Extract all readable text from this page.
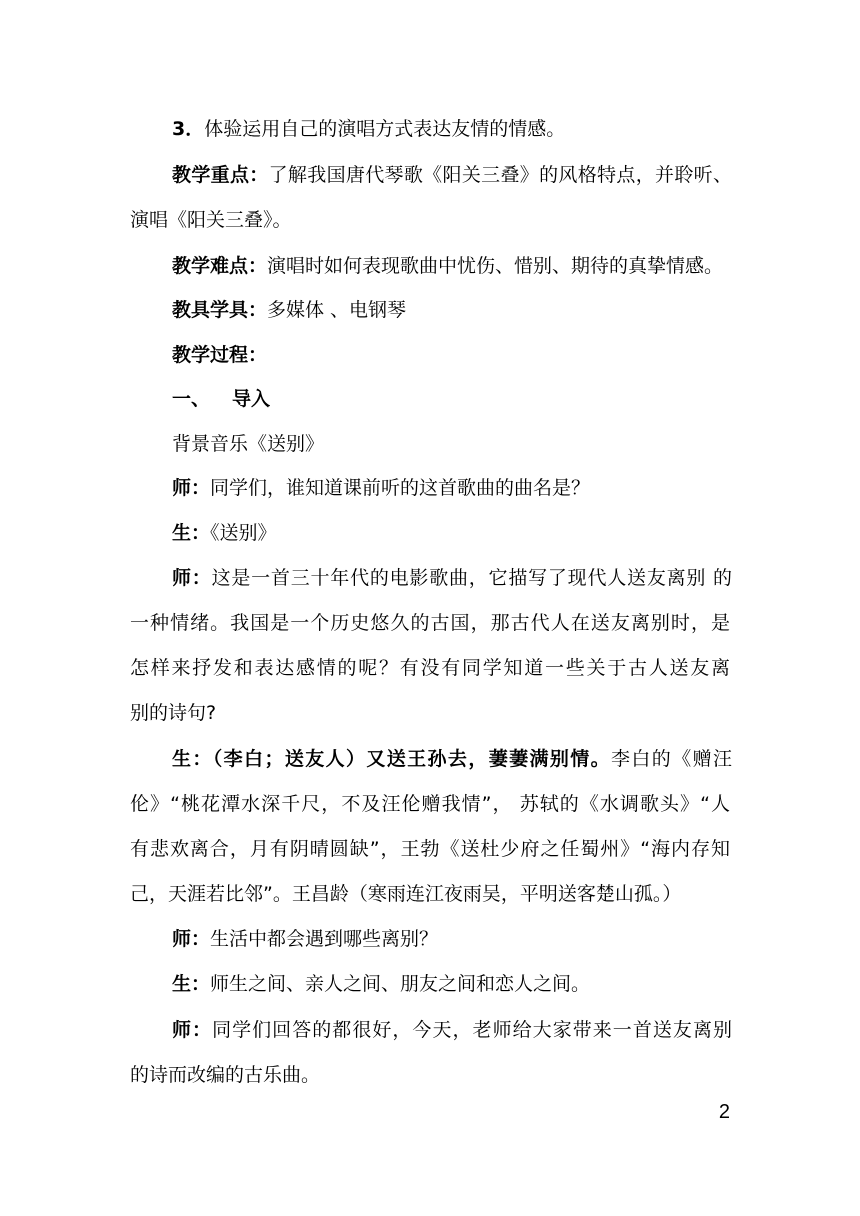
3．体验运用自己的演唱方式表达友情的情感。
教学重点：了解我国唐代琴歌《阳关三叠》的风格特点，并聆听、
演唱《阳关三叠》。
教学难点：演唱时如何表现歌曲中忧伤、惜别、期待的真挚情感。
教具学具：多媒体 、电钢琴
教学过程：
一、 导入
背景音乐《送别》
师：同学们，谁知道课前听的这首歌曲的曲名是？
生：《送别》
师：这是一首三十年代的电影歌曲，它描写了现代人送友离别 的
一种情绪。我国是一个历史悠久的古国，那古代人在送友离别时，是
怎样来抒发和表达感情的呢？有没有同学知道一些关于古人送友离
别的诗句?
生：（李白；送友人）又送王孙去，萋萋满别情。李白的《赠汪
伦》“桃花潭水深千尺，不及汪伦赠我情”， 苏轼的《水调歌头》“人
有悲欢离合，月有阴晴圆缺”，王勃《送杜少府之任蜀州》“海内存知
己，天涯若比邻”。王昌龄（寒雨连江夜雨吴，平明送客楚山孤。）
师：生活中都会遇到哪些离别？
生：师生之间、亲人之间、朋友之间和恋人之间。
师：同学们回答的都很好，今天，老师给大家带来一首送友离别
的诗而改编的古乐曲。
2
